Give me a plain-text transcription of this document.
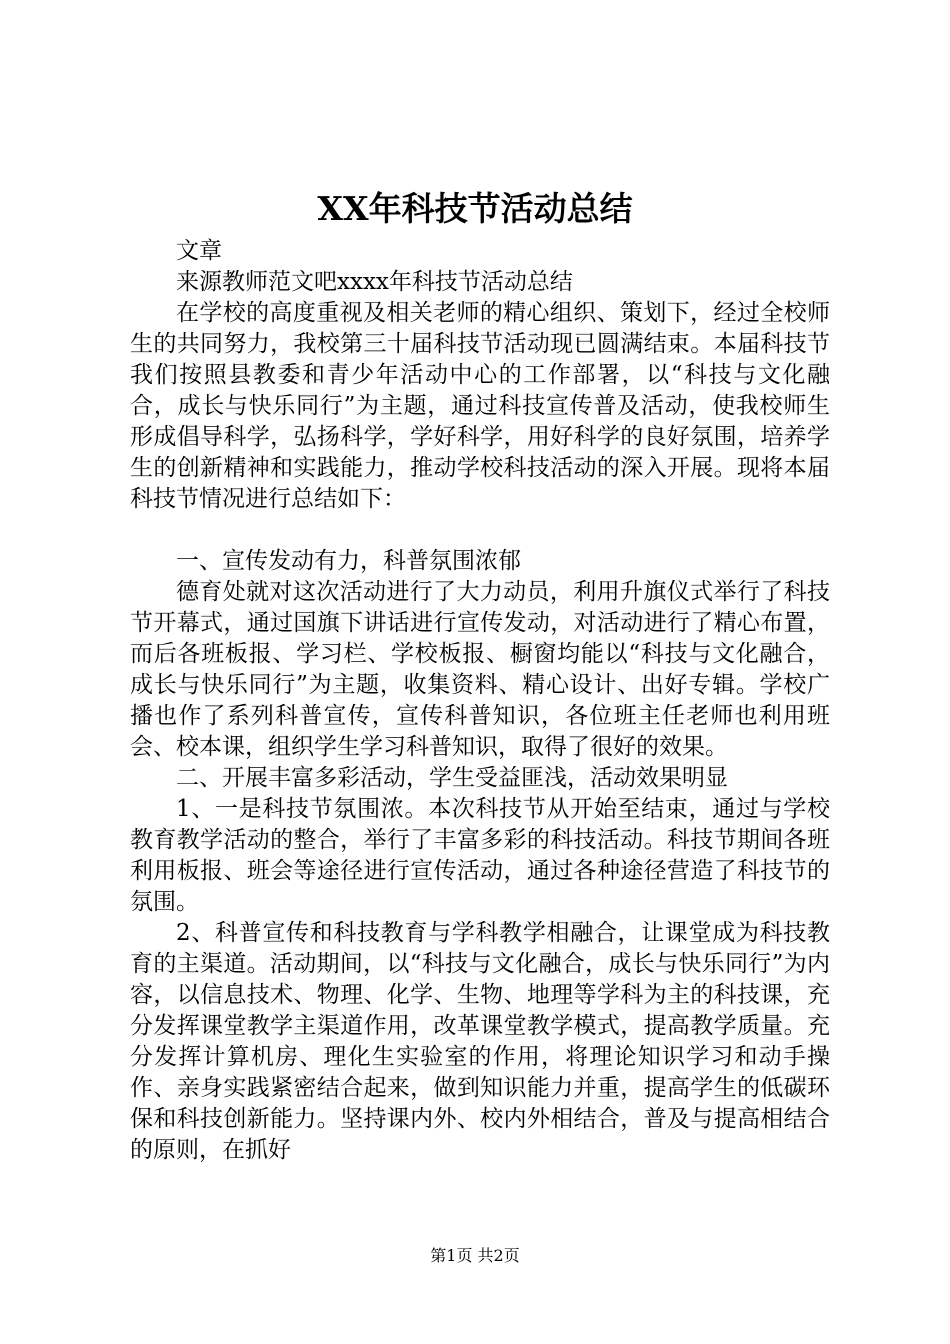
XX年科技节活动总结

文章

来源教师范文吧xxxx年科技节活动总结

在学校的高度重视及相关老师的精心组织、策划下，经过全校师生的共同努力，我校第三十届科技节活动现已圆满结束。本届科技节我们按照县教委和青少年活动中心的工作部署，以“科技与文化融合，成长与快乐同行”为主题，通过科技宣传普及活动，使我校师生形成倡导科学，弘扬科学，学好科学，用好科学的良好氛围，培养学生的创新精神和实践能力，推动学校科技活动的深入开展。现将本届科技节情况进行总结如下：

一、宣传发动有力，科普氛围浓郁

德育处就对这次活动进行了大力动员，利用升旗仪式举行了科技节开幕式，通过国旗下讲话进行宣传发动，对活动进行了精心布置，而后各班板报、学习栏、学校板报、橱窗均能以“科技与文化融合，成长与快乐同行”为主题，收集资料、精心设计、出好专辑。学校广播也作了系列科普宣传，宣传科普知识，各位班主任老师也利用班会、校本课，组织学生学习科普知识，取得了很好的效果。

二、开展丰富多彩活动，学生受益匪浅，活动效果明显

1、一是科技节氛围浓。本次科技节从开始至结束，通过与学校教育教学活动的整合，举行了丰富多彩的科技活动。科技节期间各班利用板报、班会等途径进行宣传活动，通过各种途径营造了科技节的氛围。

2、科普宣传和科技教育与学科教学相融合，让课堂成为科技教育的主渠道。活动期间，以“科技与文化融合，成长与快乐同行”为内容，以信息技术、物理、化学、生物、地理等学科为主的科技课，充分发挥课堂教学主渠道作用，改革课堂教学模式，提高教学质量。充分发挥计算机房、理化生实验室的作用，将理论知识学习和动手操作、亲身实践紧密结合起来，做到知识能力并重，提高学生的低碳环保和科技创新能力。坚持课内外、校内外相结合，普及与提高相结合的原则，在抓好

第1页 共2页
